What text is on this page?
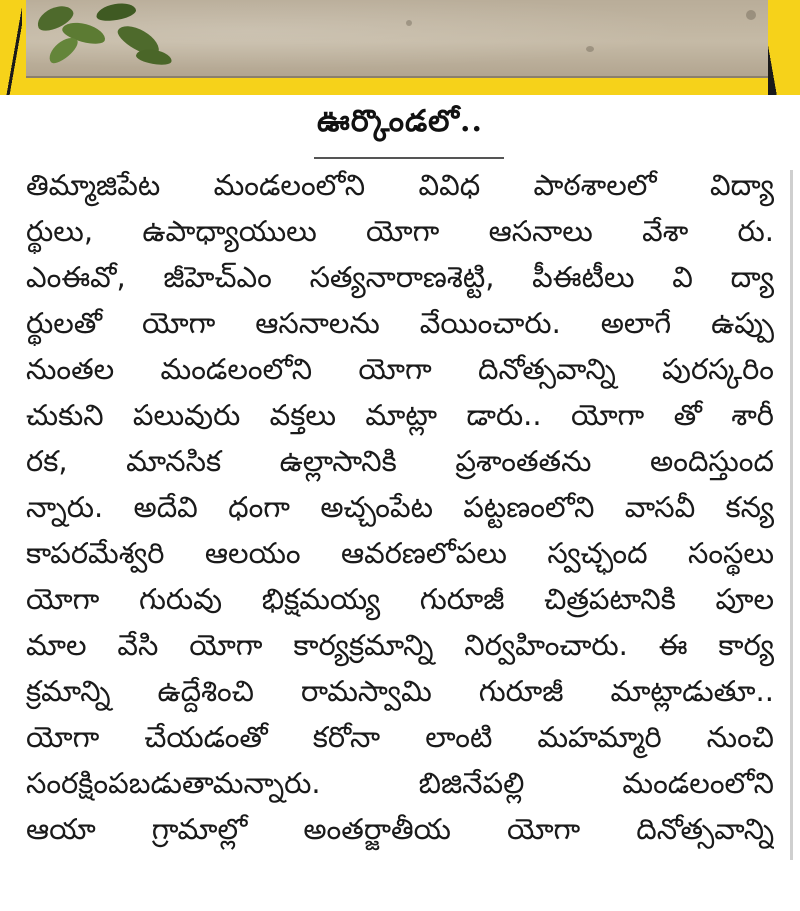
ఊర్కొండలో..
తిమ్మాజిపేట మండలంలోని వివిధ పాఠశాలలో విద్యా
ర్థులు, ఉపాధ్యాయులు యోగా ఆసనాలు వేశా రు.
ఎంఈవో, జీహెచ్ఎం సత్యనారాణశెట్టి, పీఈటీలు వి ద్యా
ర్థులతో యోగా ఆసనాలను వేయించారు. అలాగే ఉప్పు
నుంతల మండలంలోని యోగా దినోత్సవాన్ని పురస్కరిం
చుకుని పలువురు వక్తలు మాట్లా డారు.. యోగా తో శారీ
రక, మానసిక ఉల్లాసానికి ప్రశాంతతను అందిస్తుంద
న్నారు. అదేవి ధంగా అచ్చంపేట పట్టణంలోని వాసవీ కన్య
కాపరమేశ్వరి ఆలయం ఆవరణలోపలు స్వచ్ఛంద సంస్థలు
యోగా గురువు భిక్షమయ్య గురూజీ చిత్రపటానికి పూల
మాల వేసి యోగా కార్యక్రమాన్ని నిర్వహించారు. ఈ కార్య
క్రమాన్ని ఉద్దేశించి రామస్వామి గురూజీ మాట్లాడుతూ..
యోగా చేయడంతో కరోనా లాంటి మహమ్మారి నుంచి
సంరక్షింపబడుతామన్నారు. బిజినేపల్లి మండలంలోని
ఆయా గ్రామాల్లో అంతర్జాతీయ యోగా దినోత్సవాన్ని
